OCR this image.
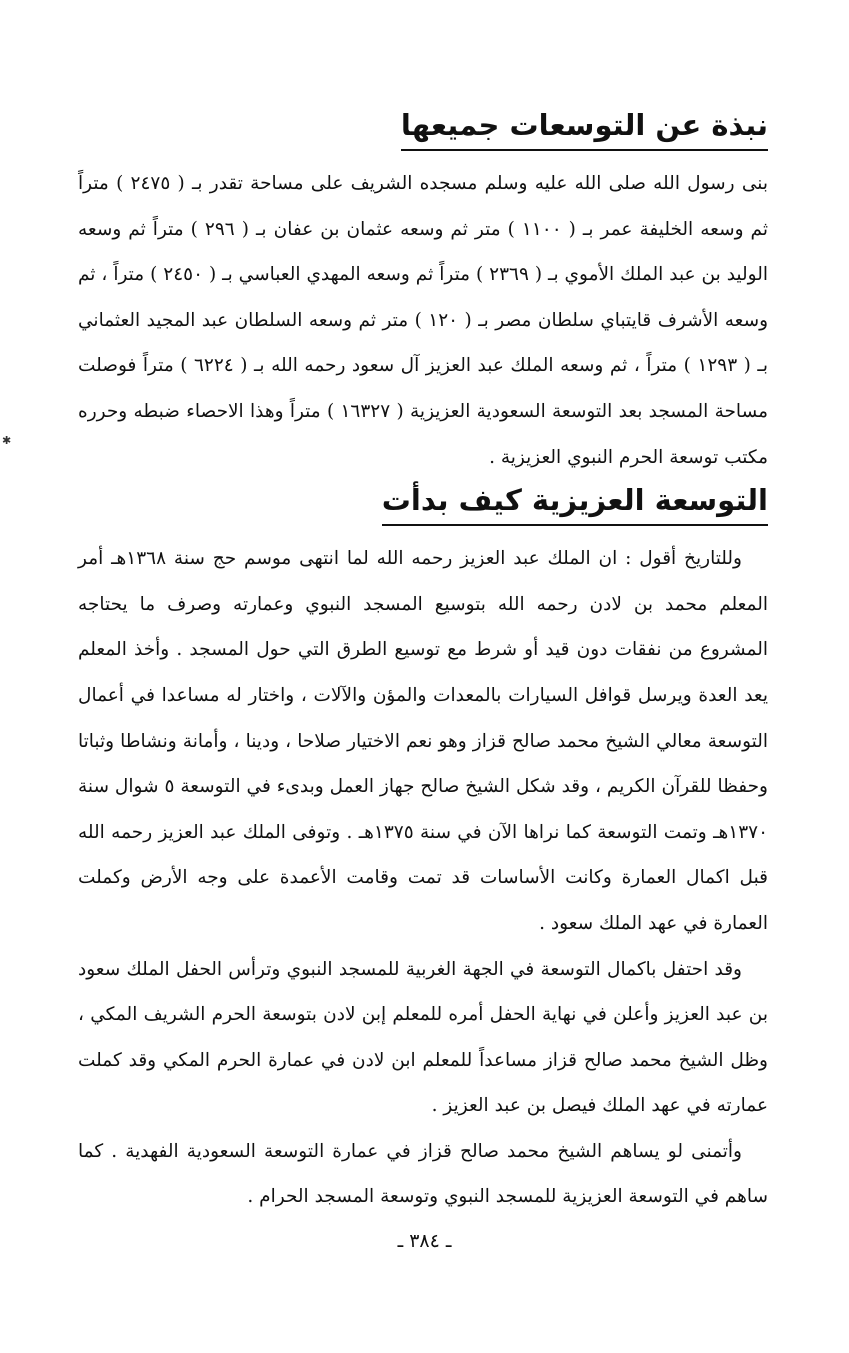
نبذة عن التوسعات جميعها

بنى رسول الله صلى الله عليه وسلم مسجده الشريف على مساحة تقدر بـ ( ٢٤٧٥ ) متراً ثم وسعه الخليفة عمر بـ ( ١١٠٠ ) متر ثم وسعه عثمان بن عفان بـ ( ٢٩٦ ) متراً ثم وسعه الوليد بن عبد الملك الأموي بـ ( ٢٣٦٩ ) متراً ثم وسعه المهدي العباسي بـ ( ٢٤٥٠ ) متراً ، ثم وسعه الأشرف قايتباي سلطان مصر بـ ( ١٢٠ ) متر ثم وسعه السلطان عبد المجيد العثماني بـ ( ١٢٩٣ ) متراً ، ثم وسعه الملك عبد العزيز آل سعود رحمه الله بـ ( ٦٢٢٤ ) متراً فوصلت مساحة المسجد بعد التوسعة السعودية العزيزية ( ١٦٣٢٧ ) متراً وهذا الاحصاء ضبطه وحرره مكتب توسعة الحرم النبوي العزيزية .

التوسعة العزيزية كيف بدأت

وللتاريخ أقول : ان الملك عبد العزيز رحمه الله لما انتهى موسم حج سنة ١٣٦٨هـ أمر المعلم محمد بن لادن رحمه الله بتوسيع المسجد النبوي وعمارته وصرف ما يحتاجه المشروع من نفقات دون قيد أو شرط مع توسيع الطرق التي حول المسجد . وأخذ المعلم يعد العدة ويرسل قوافل السيارات بالمعدات والمؤن والآلات ، واختار له مساعدا في أعمال التوسعة معالي الشيخ محمد صالح قزاز وهو نعم الاختيار صلاحا ، ودينا ، وأمانة ونشاطا وثباتا وحفظا للقرآن الكريم ، وقد شكل الشيخ صالح جهاز العمل وبدىء في التوسعة ٥ شوال سنة ١٣٧٠هـ وتمت التوسعة كما نراها الآن في سنة ١٣٧٥هـ . وتوفى الملك عبد العزيز رحمه الله قبل اكمال العمارة وكانت الأساسات قد تمت وقامت الأعمدة على وجه الأرض وكملت العمارة في عهد الملك سعود .

وقد احتفل باكمال التوسعة في الجهة الغربية للمسجد النبوي وترأس الحفل الملك سعود بن عبد العزيز وأعلن في نهاية الحفل أمره للمعلم إبن لادن بتوسعة الحرم الشريف المكي ، وظل الشيخ محمد صالح قزاز مساعداً للمعلم ابن لادن في عمارة الحرم المكي وقد كملت عمارته في عهد الملك فيصل بن عبد العزيز .

وأتمنى لو يساهم الشيخ محمد صالح قزاز في عمارة التوسعة السعودية الفهدية . كما ساهم في التوسعة العزيزية للمسجد النبوي وتوسعة المسجد الحرام .

ـ ٣٨٤ ـ
✱
